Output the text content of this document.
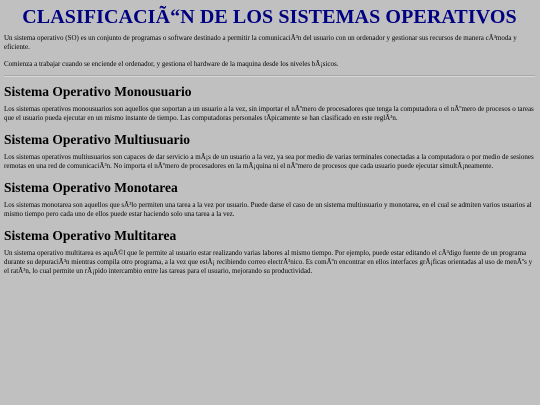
CLASIFICACIÃ“N DE LOS SISTEMAS OPERATIVOS

Un sistema operativo (SO) es un conjunto de programas o software destinado a permitir la comunicaciÃ³n del usuario con un ordenador y gestionar sus recursos de manera cÃ³moda y eficiente.

Comienza a trabajar cuando se enciende el ordenador, y gestiona el hardware de la maquina desde los niveles bÃ¡sicos.

Sistema Operativo Monousuario

Los sistemas operativos monousuarios son aquellos que soportan a un usuario a la vez, sin importar el nÃºmero de procesadores que tenga la computadora o el nÃºmero de procesos o tareas que el usuario pueda ejecutar en un mismo instante de tiempo. Las computadoras personales tÃpicamente se han clasificado en este reglÃ³n.

Sistema Operativo Multiusuario

Los sistemas operativos multiusuarios son capaces de dar servicio a mÃ¡s de un usuario a la vez, ya sea por medio de varias terminales conectadas a la computadora o por medio de sesiones remotas en una red de comunicaciÃ³n. No importa el nÃºmero de procesadores en la mÃ¡quina ni el nÃºmero de procesos que cada usuario puede ejecutar simultÃ¡neamente.

Sistema Operativo Monotarea

Los sistemas monotarea son aquellos que sÃ³lo permiten una tarea a la vez por usuario. Puede darse el caso de un sistema multiusuario y monotarea, en el cual se admiten varios usuarios al mismo tiempo pero cada uno de ellos puede estar haciendo solo una tarea a la vez.

Sistema Operativo Multitarea

Un sistema operativo multitarea es aquÃ©l que le permite al usuario estar realizando varias labores al mismo tiempo. Por ejemplo, puede estar editando el cÃ³digo fuente de un programa durante su depuraciÃ³n mientras compila otro programa, a la vez que estÃ¡ recibiendo correo electrÃ³nico. Es comÃºn encontrar en ellos interfaces grÃ¡ficas orientadas al uso de menÃºs y el ratÃ³n, lo cual permite un rÃ¡pido intercambio entre las tareas para el usuario, mejorando su productividad.
